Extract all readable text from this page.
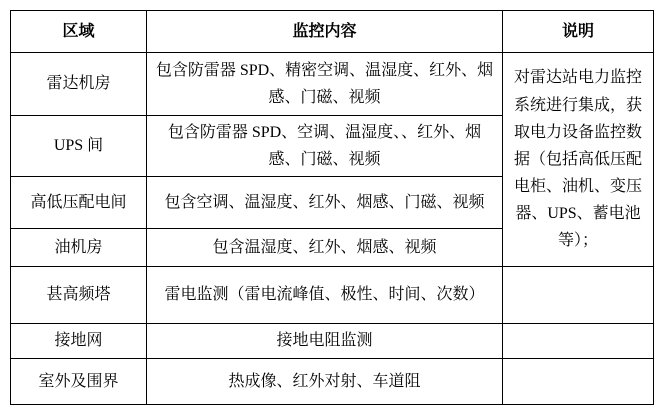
区域	监控内容	说明
雷达机房	包含防雷器 SPD、精密空调、温湿度、红外、烟感、门磁、视频	对雷达站电力监控系统进行集成，获取电力设备监控数据（包括高低压配电柜、油机、变压器、UPS、蓄电池等）；
UPS 间	包含防雷器 SPD、空调、温湿度、、红外、烟感、门磁、视频	
高低压配电间	包含空调、温湿度、红外、烟感、门磁、视频	
油机房	包含温湿度、红外、烟感、视频	
甚高频塔	雷电监测（雷电流峰值、极性、时间、次数）	
接地网	接地电阻监测	
室外及围界	热成像、红外对射、车道阻	
